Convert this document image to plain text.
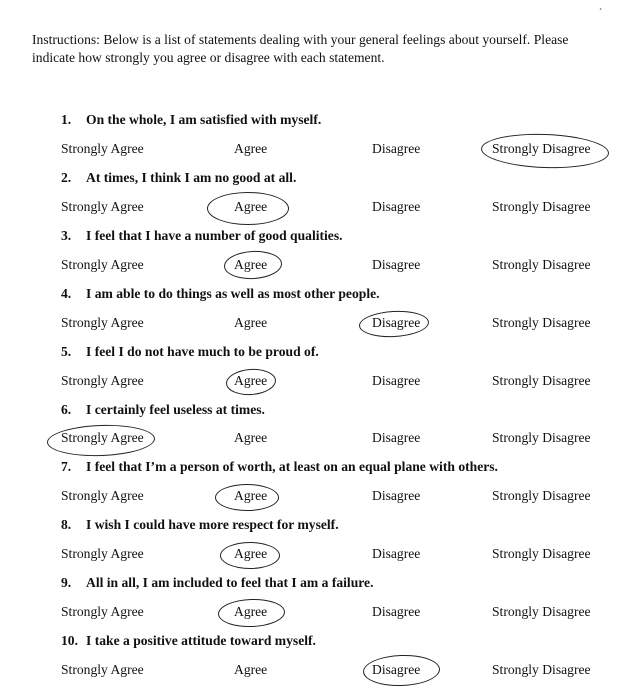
¸
Instructions: Below is a list of statements dealing with your general feelings about yourself. Please indicate how strongly you agree or disagree with each statement.
1. On the whole, I am satisfied with myself.
Strongly Agree	Agree	Disagree	Strongly Disagree
2. At times, I think I am no good at all.
Strongly Agree	Agree	Disagree	Strongly Disagree
3. I feel that I have a number of good qualities.
Strongly Agree	Agree	Disagree	Strongly Disagree
4. I am able to do things as well as most other people.
Strongly Agree	Agree	Disagree	Strongly Disagree
5. I feel I do not have much to be proud of.
Strongly Agree	Agree	Disagree	Strongly Disagree
6. I certainly feel useless at times.
Strongly Agree	Agree	Disagree	Strongly Disagree
7. I feel that I’m a person of worth, at least on an equal plane with others.
Strongly Agree	Agree	Disagree	Strongly Disagree
8. I wish I could have more respect for myself.
Strongly Agree	Agree	Disagree	Strongly Disagree
9. All in all, I am included to feel that I am a failure.
Strongly Agree	Agree	Disagree	Strongly Disagree
10. I take a positive attitude toward myself.
Strongly Agree	Agree	Disagree	Strongly Disagree
